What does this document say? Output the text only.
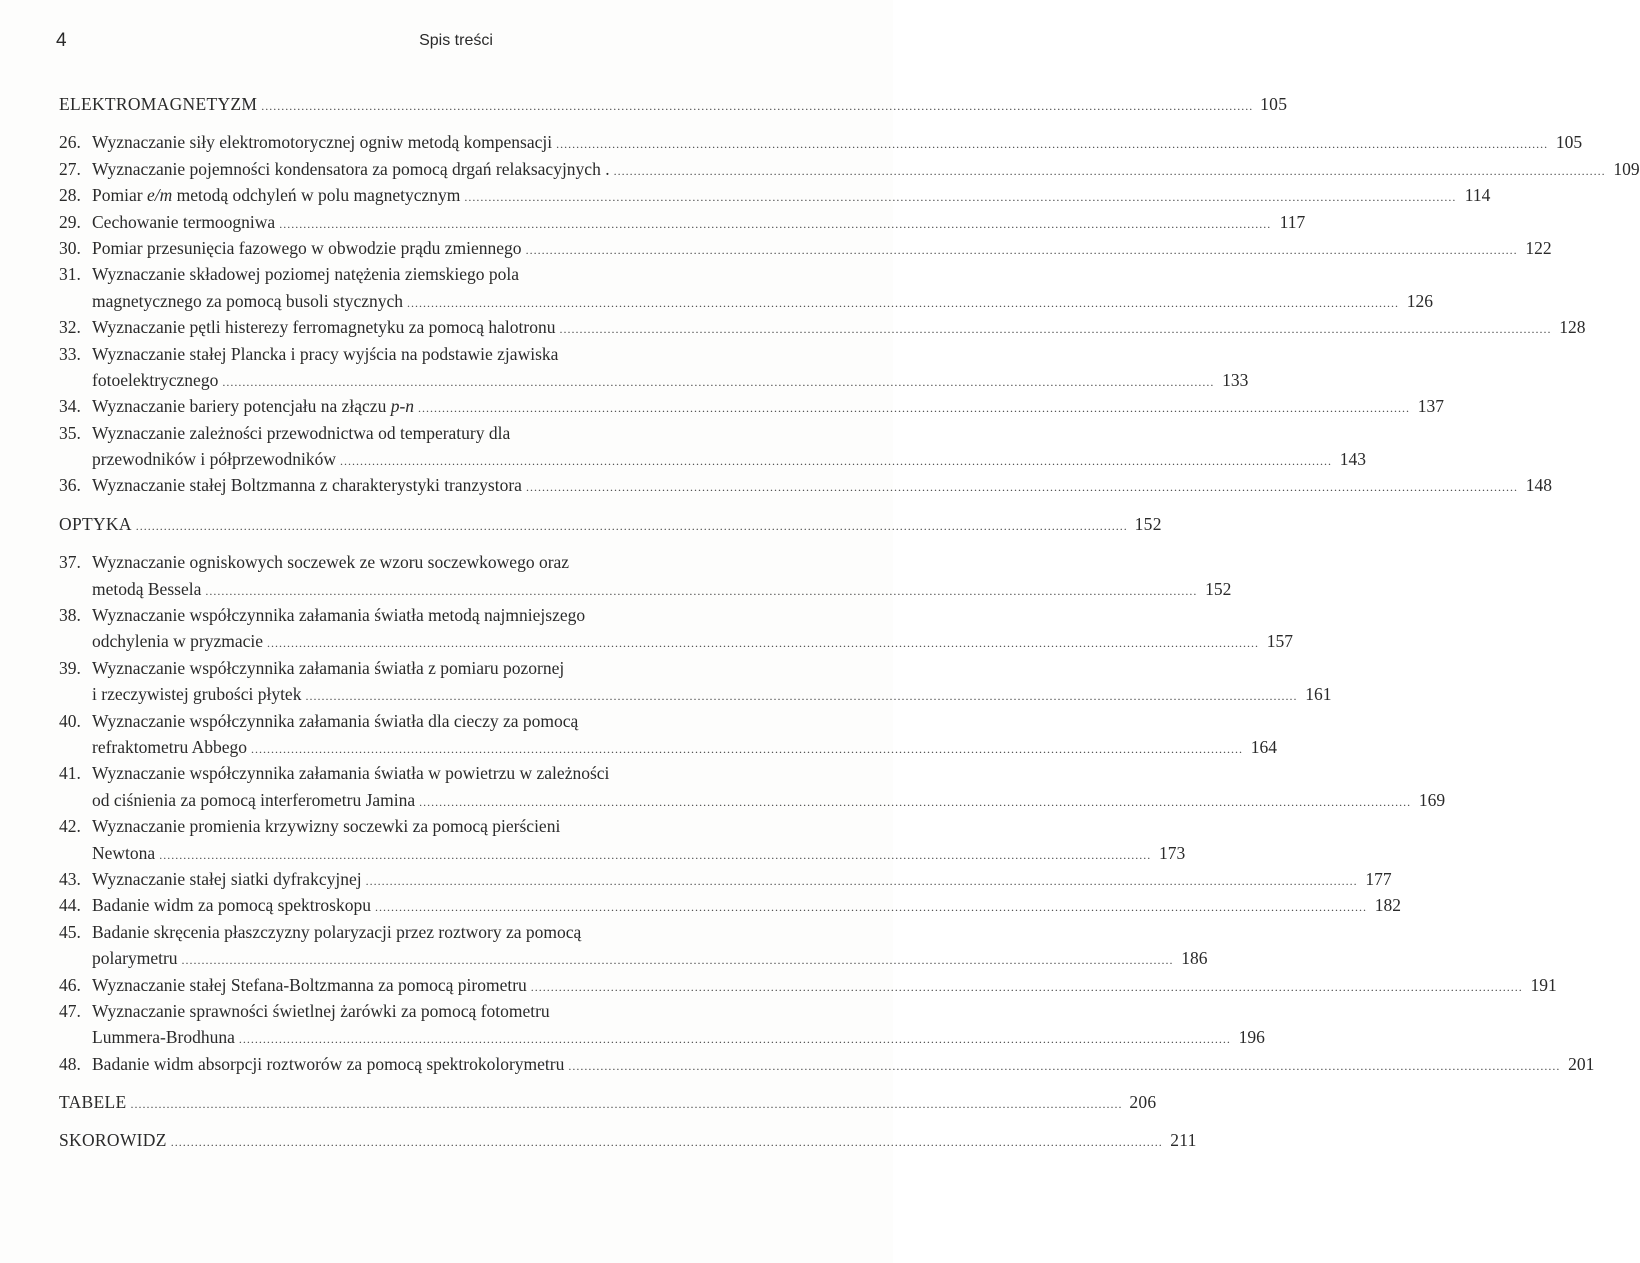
4	Spis treści
ELEKTROMAGNETYZM .....	105
26. Wyznaczanie siły elektromotorycznej ogniw metodą kompensacji .....	105
27. Wyznaczanie pojemności kondensatora za pomocą drgań relaksacyjnych . .....	109
28. Pomiar e/m metodą odchyleń w polu magnetycznym .....	114
29. Cechowanie termoogniwa .....	117
30. Pomiar przesunięcia fazowego w obwodzie prądu zmiennego .....	122
31. Wyznaczanie składowej poziomej natężenia ziemskiego pola
magnetycznego za pomocą busoli stycznych .....	126
32. Wyznaczanie pętli histerezy ferromagnetyku za pomocą halotronu .....	128
33. Wyznaczanie stałej Plancka i pracy wyjścia na podstawie zjawiska
fotoelektrycznego .....	133
34. Wyznaczanie bariery potencjału na złączu p-n .....	137
35. Wyznaczanie zależności przewodnictwa od temperatury dla
przewodników i półprzewodników .....	143
36. Wyznaczanie stałej Boltzmanna z charakterystyki tranzystora .....	148
OPTYKA .....	152
37. Wyznaczanie ogniskowych soczewek ze wzoru soczewkowego oraz
metodą Bessela .....	152
38. Wyznaczanie współczynnika załamania światła metodą najmniejszego
odchylenia w pryzmacie .....	157
39. Wyznaczanie współczynnika załamania światła z pomiaru pozornej
i rzeczywistej grubości płytek .....	161
40. Wyznaczanie współczynnika załamania światła dla cieczy za pomocą
refraktometru Abbego .....	164
41. Wyznaczanie współczynnika załamania światła w powietrzu w zależności
od ciśnienia za pomocą interferometru Jamina .....	169
42. Wyznaczanie promienia krzywizny soczewki za pomocą pierścieni
Newtona .....	173
43. Wyznaczanie stałej siatki dyfrakcyjnej .....	177
44. Badanie widm za pomocą spektroskopu .....	182
45. Badanie skręcenia płaszczyzny polaryzacji przez roztwory za pomocą
polarymetru .....	186
46. Wyznaczanie stałej Stefana-Boltzmanna za pomocą pirometru .....	191
47. Wyznaczanie sprawności świetlnej żarówki za pomocą fotometru
Lummera-Brodhuna .....	196
48. Badanie widm absorpcji roztworów za pomocą spektrokolorymetru .....	201
TABELE .....	206
SKOROWIDZ .....	211
